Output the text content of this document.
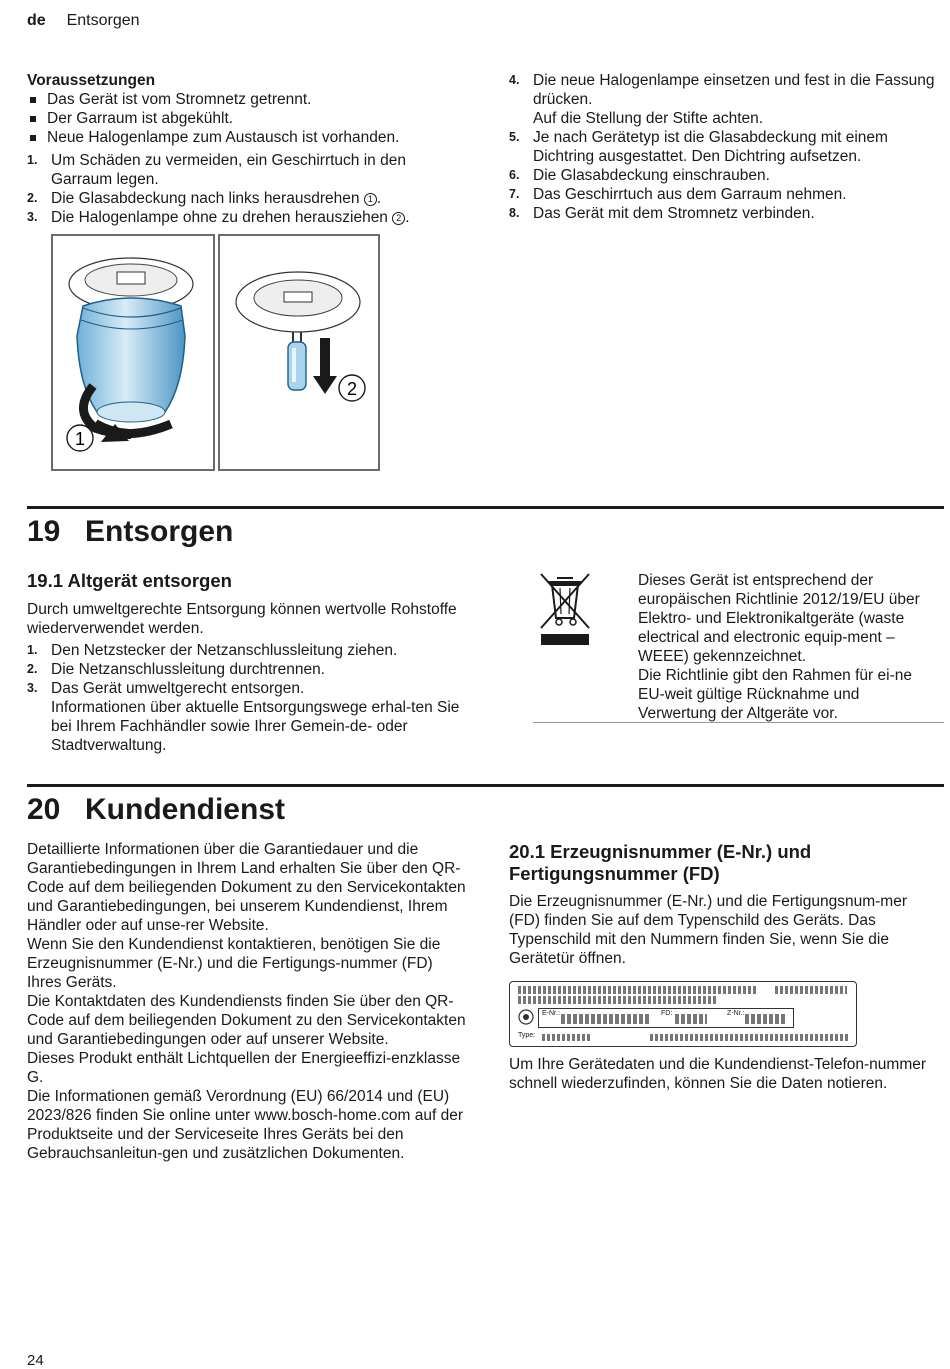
de Entsorgen

Voraussetzungen

Das Gerät ist vom Stromnetz getrennt.
Der Garraum ist abgekühlt.
Neue Halogenlampe zum Austausch ist vorhanden.
1. Um Schäden zu vermeiden, ein Geschirrtuch in den Garraum legen.
2. Die Glasabdeckung nach links herausdrehen 1 .
3. Die Halogenlampe ohne zu drehen herausziehen 2 .
4. Die neue Halogenlampe einsetzen und fest in die Fassung drücken.
Auf die Stellung der Stifte achten.
5. Je nach Gerätetyp ist die Glasabdeckung mit einem Dichtring ausgestattet. Den Dichtring aufsetzen.
6. Die Glasabdeckung einschrauben.
7. Das Geschirrtuch aus dem Garraum nehmen.
8. Das Gerät mit dem Stromnetz verbinden.
1
2

19 Entsorgen

19.1 Altgerät entsorgen

Durch umweltgerechte Entsorgung können wertvolle Rohstoffe wiederverwendet werden.

1. Den Netzstecker der Netzanschlussleitung ziehen.
2. Die Netzanschlussleitung durchtrennen.
3. Das Gerät umweltgerecht entsorgen.
Informationen über aktuelle Entsorgungswege erhal-ten Sie bei Ihrem Fachhändler sowie Ihrer Gemein-de- oder Stadtverwaltung.

Dieses Gerät ist entsprechend der europäischen Richtlinie 2012/19/EU über Elektro- und Elektronikaltgeräte (waste electrical and electronic equip-ment – WEEE) gekennzeichnet.

Die Richtlinie gibt den Rahmen für ei-ne EU-weit gültige Rücknahme und Verwertung der Altgeräte vor.

20 Kundendienst

Detaillierte Informationen über die Garantiedauer und die Garantiebedingungen in Ihrem Land erhalten Sie über den QR-Code auf dem beiliegenden Dokument zu den Servicekontakten und Garantiebedingungen, bei unserem Kundendienst, Ihrem Händler oder auf unse-rer Website.

Wenn Sie den Kundendienst kontaktieren, benötigen Sie die Erzeugnisnummer (E-Nr.) und die Fertigungs-nummer (FD) Ihres Geräts.

Die Kontaktdaten des Kundendiensts finden Sie über den QR-Code auf dem beiliegenden Dokument zu den Servicekontakten und Garantiebedingungen oder auf unserer Website.

Dieses Produkt enthält Lichtquellen der Energieeffizi-enzklasse G.

Die Informationen gemäß Verordnung (EU) 66/2014 und (EU) 2023/826 finden Sie online unter www.bosch-home.com auf der Produktseite und der Serviceseite Ihres Geräts bei den Gebrauchsanleitun-gen und zusätzlichen Dokumenten.

20.1 Erzeugnisnummer (E-Nr.) und Fertigungsnummer (FD)

Die Erzeugnisnummer (E-Nr.) und die Fertigungsnum-mer (FD) finden Sie auf dem Typenschild des Geräts. Das Typenschild mit den Nummern finden Sie, wenn Sie die Gerätetür öffnen.

E-Nr.:	FD:	Z-Nr.:
Type:

Um Ihre Gerätedaten und die Kundendienst-Telefon-nummer schnell wiederzufinden, können Sie die Daten notieren.

24
